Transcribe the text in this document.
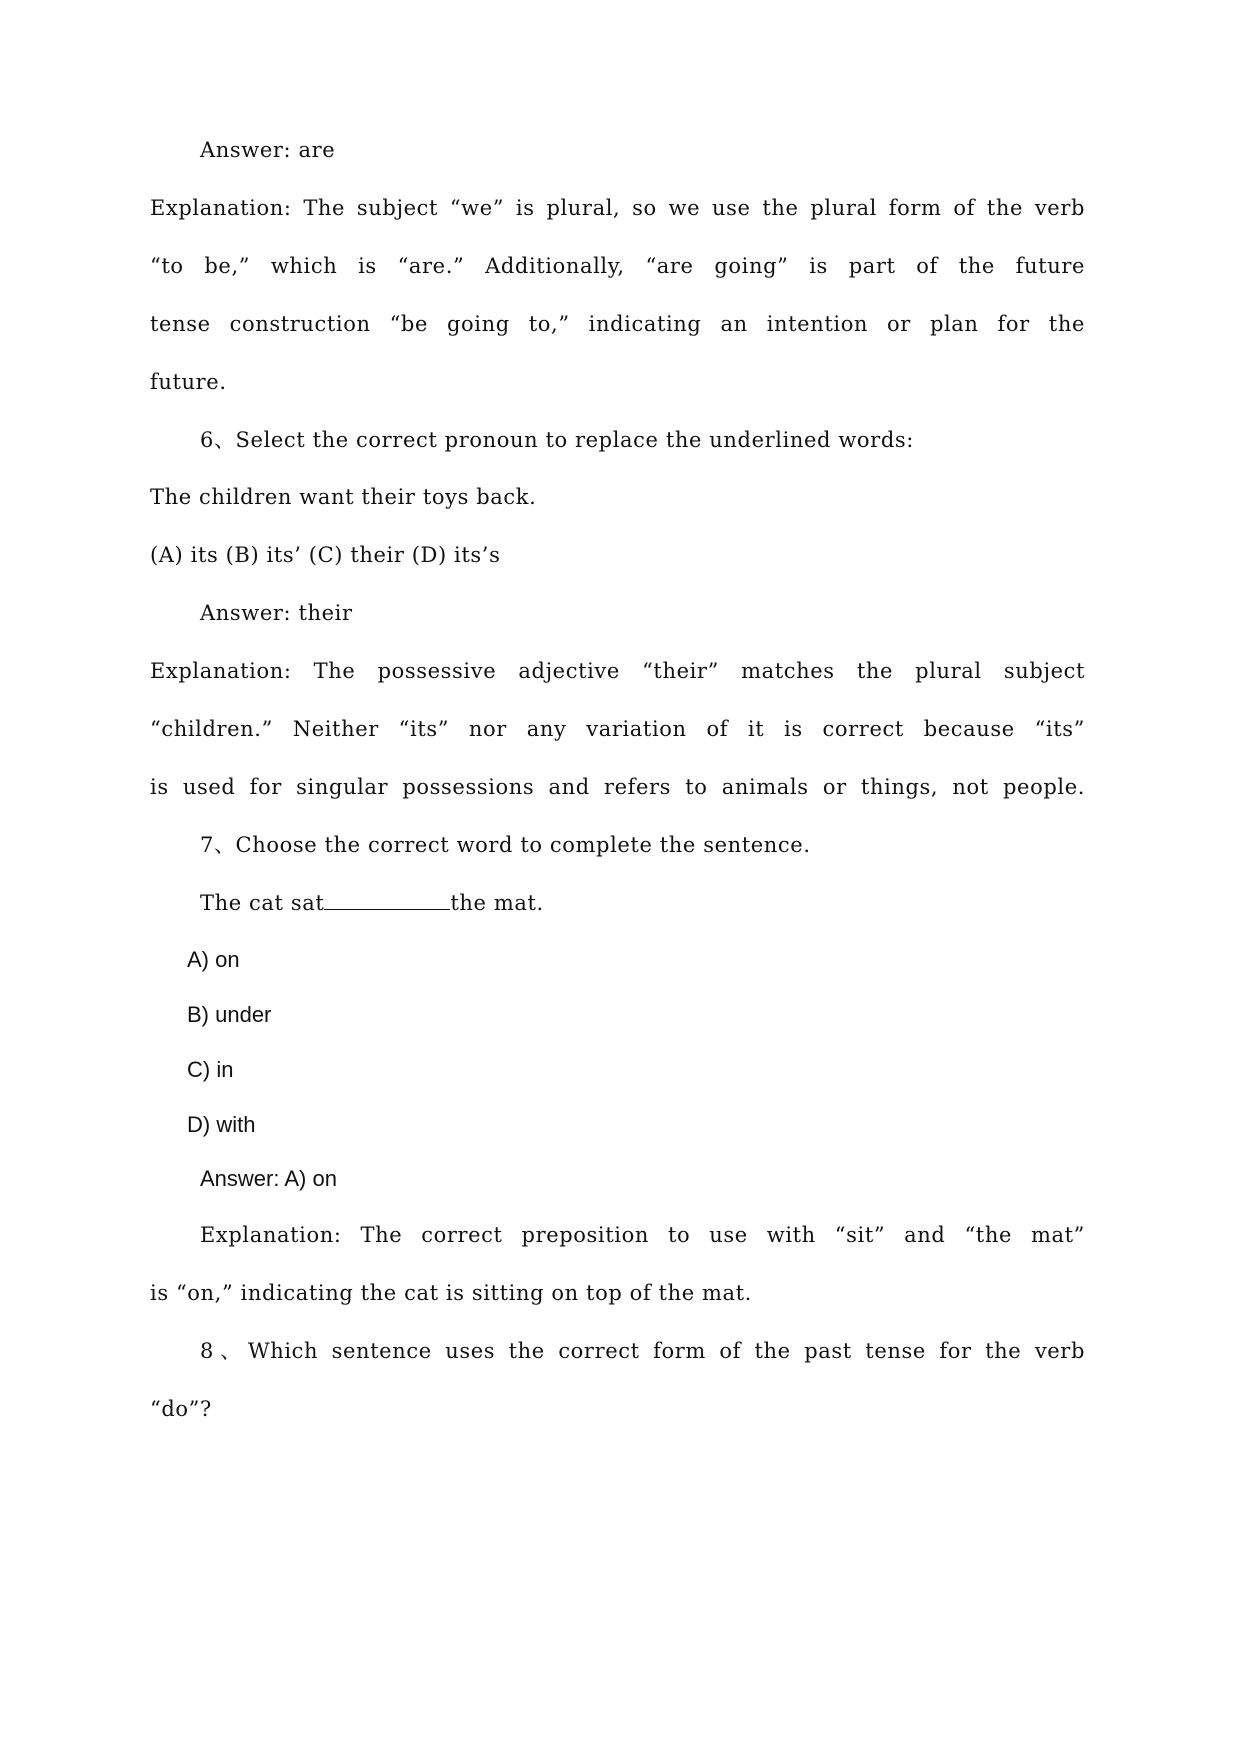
Answer: are
Explanation: The subject “we” is plural, so we use the plural form of the verb
“to be,” which is “are.” Additionally, “are going” is part of the future
tense construction “be going to,” indicating an intention or plan for the
future.
6、Select the correct pronoun to replace the underlined words:
The children want their toys back.
(A) its (B) its’ (C) their (D) its’s
Answer: their
Explanation: The possessive adjective “their” matches the plural subject
“children.” Neither “its” nor any variation of it is correct because “its”
is used for singular possessions and refers to animals or things, not people.
7、Choose the correct word to complete the sentence.
The cat sat	the mat.
A) on
B) under
C) in
D) with
Answer: A) on
Explanation: The correct preposition to use with “sit” and “the mat”
is “on,” indicating the cat is sitting on top of the mat.
8、Which sentence uses the correct form of the past tense for the verb
“do”?
